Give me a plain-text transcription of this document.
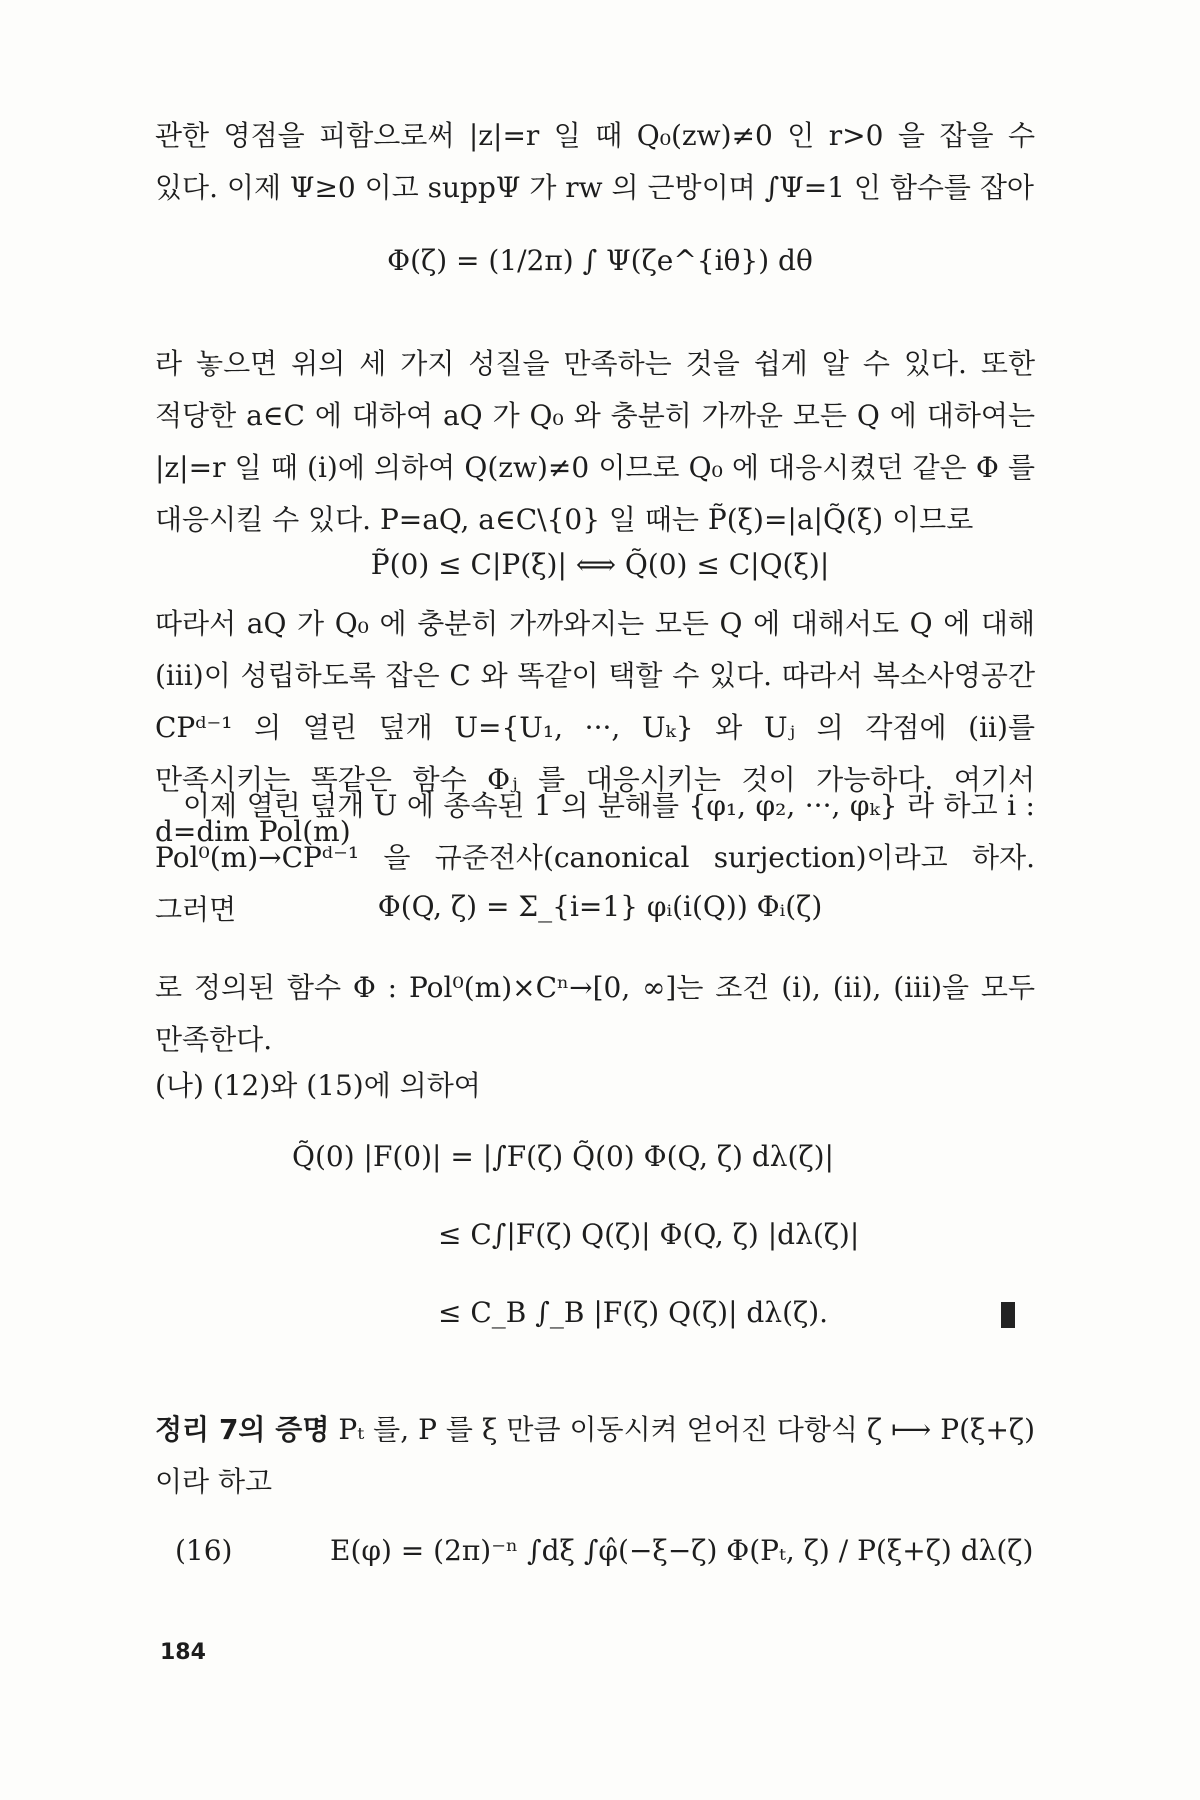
관한 영점을 피함으로써 |z|=r 일 때 Q₀(zw)≠0 인 r>0 을 잡을 수 있다. 이제 Ψ≥0 이고 suppΨ 가 rw 의 근방이며 ∫Ψ=1 인 함수를 잡아

Φ(ζ) = (1/2π) ∫ Ψ(ζe^{iθ}) dθ

라 놓으면 위의 세 가지 성질을 만족하는 것을 쉽게 알 수 있다. 또한 적당한 a∈C 에 대하여 aQ 가 Q₀ 와 충분히 가까운 모든 Q 에 대하여는 |z|=r 일 때 (i)에 의하여 Q(zw)≠0 이므로 Q₀ 에 대응시켰던 같은 Φ 를 대응시킬 수 있다. P=aQ, a∈C\{0} 일 때는 P̃(ξ)=|a|Q̃(ξ) 이므로

P̃(0) ≤ C|P(ξ)| ⟺ Q̃(0) ≤ C|Q(ξ)|

따라서 aQ 가 Q₀ 에 충분히 가까와지는 모든 Q 에 대해서도 Q 에 대해 (iii)이 성립하도록 잡은 C 와 똑같이 택할 수 있다. 따라서 복소사영공간 CPᵈ⁻¹ 의 열린 덮개 U={U₁, ···, Uₖ} 와 Uⱼ 의 각점에 (ii)를 만족시키는 똑같은 함수 Φⱼ 를 대응시키는 것이 가능하다. 여기서 d=dim Pol(m)

이제 열린 덮개 U 에 종속된 1 의 분해를 {φ₁, φ₂, ···, φₖ} 라 하고 i : Pol⁰(m)→CPᵈ⁻¹ 을 규준전사(canonical surjection)이라고 하자. 그러면	Φ(Q, ζ) = Σ_{i=1} φᵢ(i(Q)) Φᵢ(ζ)

로 정의된 함수 Φ : Pol⁰(m)×Cⁿ→[0, ∞]는 조건 (i), (ii), (iii)을 모두 만족한다.

(나) (12)와 (15)에 의하여

Q̃(0) |F(0)| = |∫F(ζ) Q̃(0) Φ(Q, ζ) dλ(ζ)|
≤ C∫|F(ζ) Q(ζ)| Φ(Q, ζ) |dλ(ζ)|
≤ C_B ∫_B |F(ζ) Q(ζ)| dλ(ζ).

정리 7의 증명 Pₜ 를, P 를 ξ 만큼 이동시켜 얻어진 다항식 ζ ⟼ P(ξ+ζ)이라 하고

(16)	E(φ) = (2π)⁻ⁿ ∫dξ ∫φ̂(−ξ−ζ) Φ(Pₜ, ζ) / P(ξ+ζ) dλ(ζ)
184
